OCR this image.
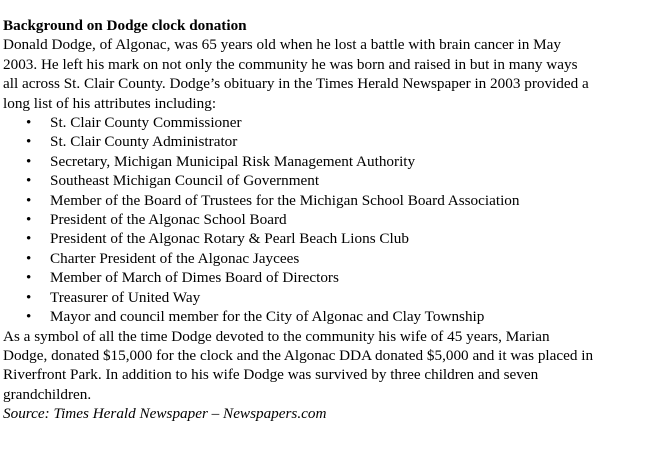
Background on Dodge clock donation

Donald Dodge, of Algonac, was 65 years old when he lost a battle with brain cancer in May
2003. He left his mark on not only the community he was born and raised in but in many ways
all across St. Clair County. Dodge’s obituary in the Times Herald Newspaper in 2003 provided a
long list of his attributes including:
• St. Clair County Commissioner
• St. Clair County Administrator
• Secretary, Michigan Municipal Risk Management Authority
• Southeast Michigan Council of Government
• Member of the Board of Trustees for the Michigan School Board Association
• President of the Algonac School Board
• President of the Algonac Rotary & Pearl Beach Lions Club
• Charter President of the Algonac Jaycees
• Member of March of Dimes Board of Directors
• Treasurer of United Way
• Mayor and council member for the City of Algonac and Clay Township
As a symbol of all the time Dodge devoted to the community his wife of 45 years, Marian
Dodge, donated $15,000 for the clock and the Algonac DDA donated $5,000 and it was placed in
Riverfront Park. In addition to his wife Dodge was survived by three children and seven
grandchildren.

Source: Times Herald Newspaper – Newspapers.com
